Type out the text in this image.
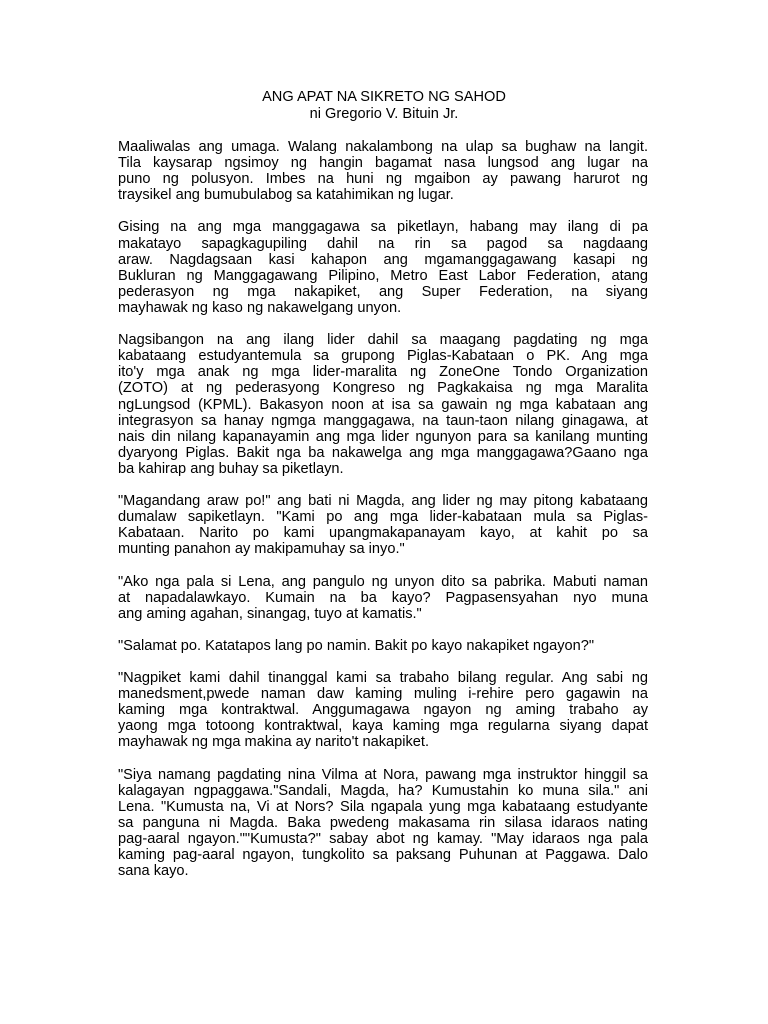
ANG APAT NA SIKRETO NG SAHOD
ni Gregorio V. Bituin Jr.
Maaliwalas ang umaga. Walang nakalambong na ulap sa bughaw na langit.
Tila kaysarap ngsimoy ng hangin bagamat nasa lungsod ang lugar na
puno ng polusyon. Imbes na huni ng mgaibon ay pawang harurot ng
traysikel ang bumubulabog sa katahimikan ng lugar.
Gising na ang mga manggagawa sa piketlayn, habang may ilang di pa
makatayo sapagkagupiling dahil na rin sa pagod sa nagdaang
araw. Nagdagsaan kasi kahapon ang mgamanggagawang kasapi ng
Bukluran ng Manggagawang Pilipino, Metro East Labor Federation, atang
pederasyon ng mga nakapiket, ang Super Federation, na siyang
mayhawak ng kaso ng nakawelgang unyon.
Nagsibangon na ang ilang lider dahil sa maagang pagdating ng mga
kabataang estudyantemula sa grupong Piglas-Kabataan o PK. Ang mga
ito'y mga anak ng mga lider-maralita ng ZoneOne Tondo Organization
(ZOTO) at ng pederasyong Kongreso ng Pagkakaisa ng mga Maralita
ngLungsod (KPML). Bakasyon noon at isa sa gawain ng mga kabataan ang
integrasyon sa hanay ngmga manggagawa, na taun-taon nilang ginagawa, at
nais din nilang kapanayamin ang mga lider ngunyon para sa kanilang munting
dyaryong Piglas. Bakit nga ba nakawelga ang mga manggagawa?Gaano nga
ba kahirap ang buhay sa piketlayn.
"Magandang araw po!" ang bati ni Magda, ang lider ng may pitong kabataang
dumalaw sapiketlayn. "Kami po ang mga lider-kabataan mula sa Piglas-
Kabataan. Narito po kami upangmakapanayam kayo, at kahit po sa
munting panahon ay makipamuhay sa inyo."
"Ako nga pala si Lena, ang pangulo ng unyon dito sa pabrika. Mabuti naman
at napadalawkayo. Kumain na ba kayo? Pagpasensyahan nyo muna
ang aming agahan, sinangag, tuyo at kamatis."
"Salamat po. Katatapos lang po namin. Bakit po kayo nakapiket ngayon?"
"Nagpiket kami dahil tinanggal kami sa trabaho bilang regular. Ang sabi ng
manedsment,pwede naman daw kaming muling i-rehire pero gagawin na
kaming mga kontraktwal. Anggumagawa ngayon ng aming trabaho ay
yaong mga totoong kontraktwal, kaya kaming mga regularna siyang dapat
mayhawak ng mga makina ay narito't nakapiket.
"Siya namang pagdating nina Vilma at Nora, pawang mga instruktor hinggil sa
kalagayan ngpaggawa."Sandali, Magda, ha? Kumustahin ko muna sila." ani
Lena. "Kumusta na, Vi at Nors? Sila ngapala yung mga kabataang estudyante
sa panguna ni Magda. Baka pwedeng makasama rin silasa idaraos nating
pag-aaral ngayon.""Kumusta?" sabay abot ng kamay. "May idaraos nga pala
kaming pag-aaral ngayon, tungkolito sa paksang Puhunan at Paggawa. Dalo
sana kayo.
